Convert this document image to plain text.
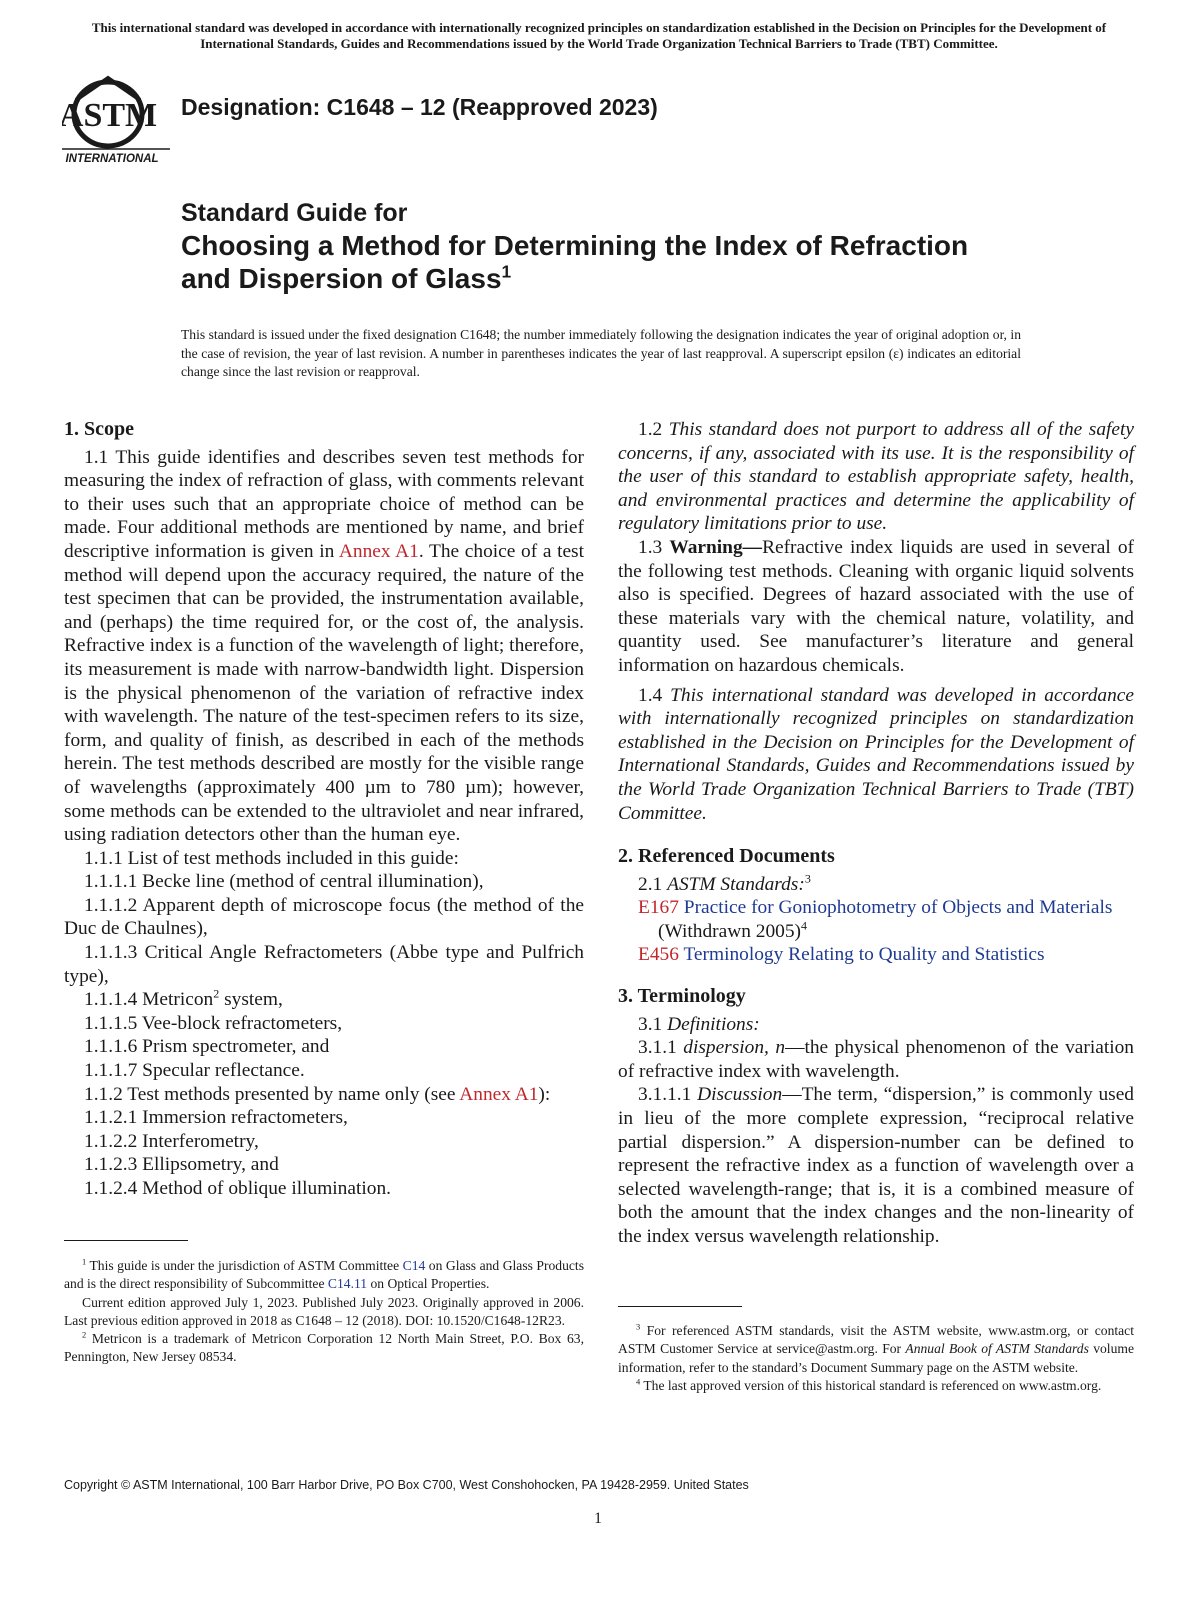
This international standard was developed in accordance with internationally recognized principles on standardization established in the Decision on Principles for the Development of International Standards, Guides and Recommendations issued by the World Trade Organization Technical Barriers to Trade (TBT) Committee.
ASTM
INTERNATIONAL
Designation: C1648 – 12 (Reapproved 2023)
Standard Guide for
Choosing a Method for Determining the Index of Refraction
and Dispersion of Glass$^1$
This standard is issued under the fixed designation C1648; the number immediately following the designation indicates the year of original adoption or, in the case of revision, the year of last revision. A number in parentheses indicates the year of last reapproval. A superscript epsilon (ε) indicates an editorial change since the last revision or reapproval.

1. Scope

1.1 This guide identifies and describes seven test methods for measuring the index of refraction of glass, with comments relevant to their uses such that an appropriate choice of method can be made. Four additional methods are mentioned by name, and brief descriptive information is given in Annex A1. The choice of a test method will depend upon the accuracy required, the nature of the test specimen that can be provided, the instrumentation available, and (perhaps) the time required for, or the cost of, the analysis. Refractive index is a function of the wavelength of light; therefore, its measurement is made with narrow-bandwidth light. Dispersion is the physical phenomenon of the variation of refractive index with wavelength. The nature of the test-specimen refers to its size, form, and quality of finish, as described in each of the methods herein. The test methods described are mostly for the visible range of wavelengths (approximately 400 µm to 780 µm); however, some methods can be extended to the ultraviolet and near infrared, using radiation detectors other than the human eye.

1.1.1 List of test methods included in this guide:

1.1.1.1 Becke line (method of central illumination),

1.1.1.2 Apparent depth of microscope focus (the method of the Duc de Chaulnes),

1.1.1.3 Critical Angle Refractometers (Abbe type and Pulfrich type),

1.1.1.4 Metricon$^2$ system,

1.1.1.5 Vee-block refractometers,

1.1.1.6 Prism spectrometer, and

1.1.1.7 Specular reflectance.

1.1.2 Test methods presented by name only (see Annex A1):

1.1.2.1 Immersion refractometers,

1.1.2.2 Interferometry,

1.1.2.3 Ellipsometry, and

1.1.2.4 Method of oblique illumination.

1.2 This standard does not purport to address all of the safety concerns, if any, associated with its use. It is the responsibility of the user of this standard to establish appropriate safety, health, and environmental practices and determine the applicability of regulatory limitations prior to use.

1.3 Warning—Refractive index liquids are used in several of the following test methods. Cleaning with organic liquid solvents also is specified. Degrees of hazard associated with the use of these materials vary with the chemical nature, volatility, and quantity used. See manufacturer’s literature and general information on hazardous chemicals.

1.4 This international standard was developed in accordance with internationally recognized principles on standardization established in the Decision on Principles for the Development of International Standards, Guides and Recommendations issued by the World Trade Organization Technical Barriers to Trade (TBT) Committee.

2. Referenced Documents

2.1 ASTM Standards:$^3$

E167 Practice for Goniophotometry of Objects and Materials (Withdrawn 2005)$^4$

E456 Terminology Relating to Quality and Statistics

3. Terminology

3.1 Definitions:

3.1.1 dispersion, n—the physical phenomenon of the variation of refractive index with wavelength.

3.1.1.1 Discussion—The term, “dispersion,” is commonly used in lieu of the more complete expression, “reciprocal relative partial dispersion.” A dispersion-number can be defined to represent the refractive index as a function of wavelength over a selected wavelength-range; that is, it is a combined measure of both the amount that the index changes and the non-linearity of the index versus wavelength relationship.

$^1$ This guide is under the jurisdiction of ASTM Committee C14 on Glass and Glass Products and is the direct responsibility of Subcommittee C14.11 on Optical Properties.

Current edition approved July 1, 2023. Published July 2023. Originally approved in 2006. Last previous edition approved in 2018 as C1648 – 12 (2018). DOI: 10.1520/C1648-12R23.

$^2$ Metricon is a trademark of Metricon Corporation 12 North Main Street, P.O. Box 63, Pennington, New Jersey 08534.

$^3$ For referenced ASTM standards, visit the ASTM website, www.astm.org, or contact ASTM Customer Service at service@astm.org. For Annual Book of ASTM Standards volume information, refer to the standard’s Document Summary page on the ASTM website.

$^4$ The last approved version of this historical standard is referenced on www.astm.org.

Copyright © ASTM International, 100 Barr Harbor Drive, PO Box C700, West Conshohocken, PA 19428-2959. United States
1
